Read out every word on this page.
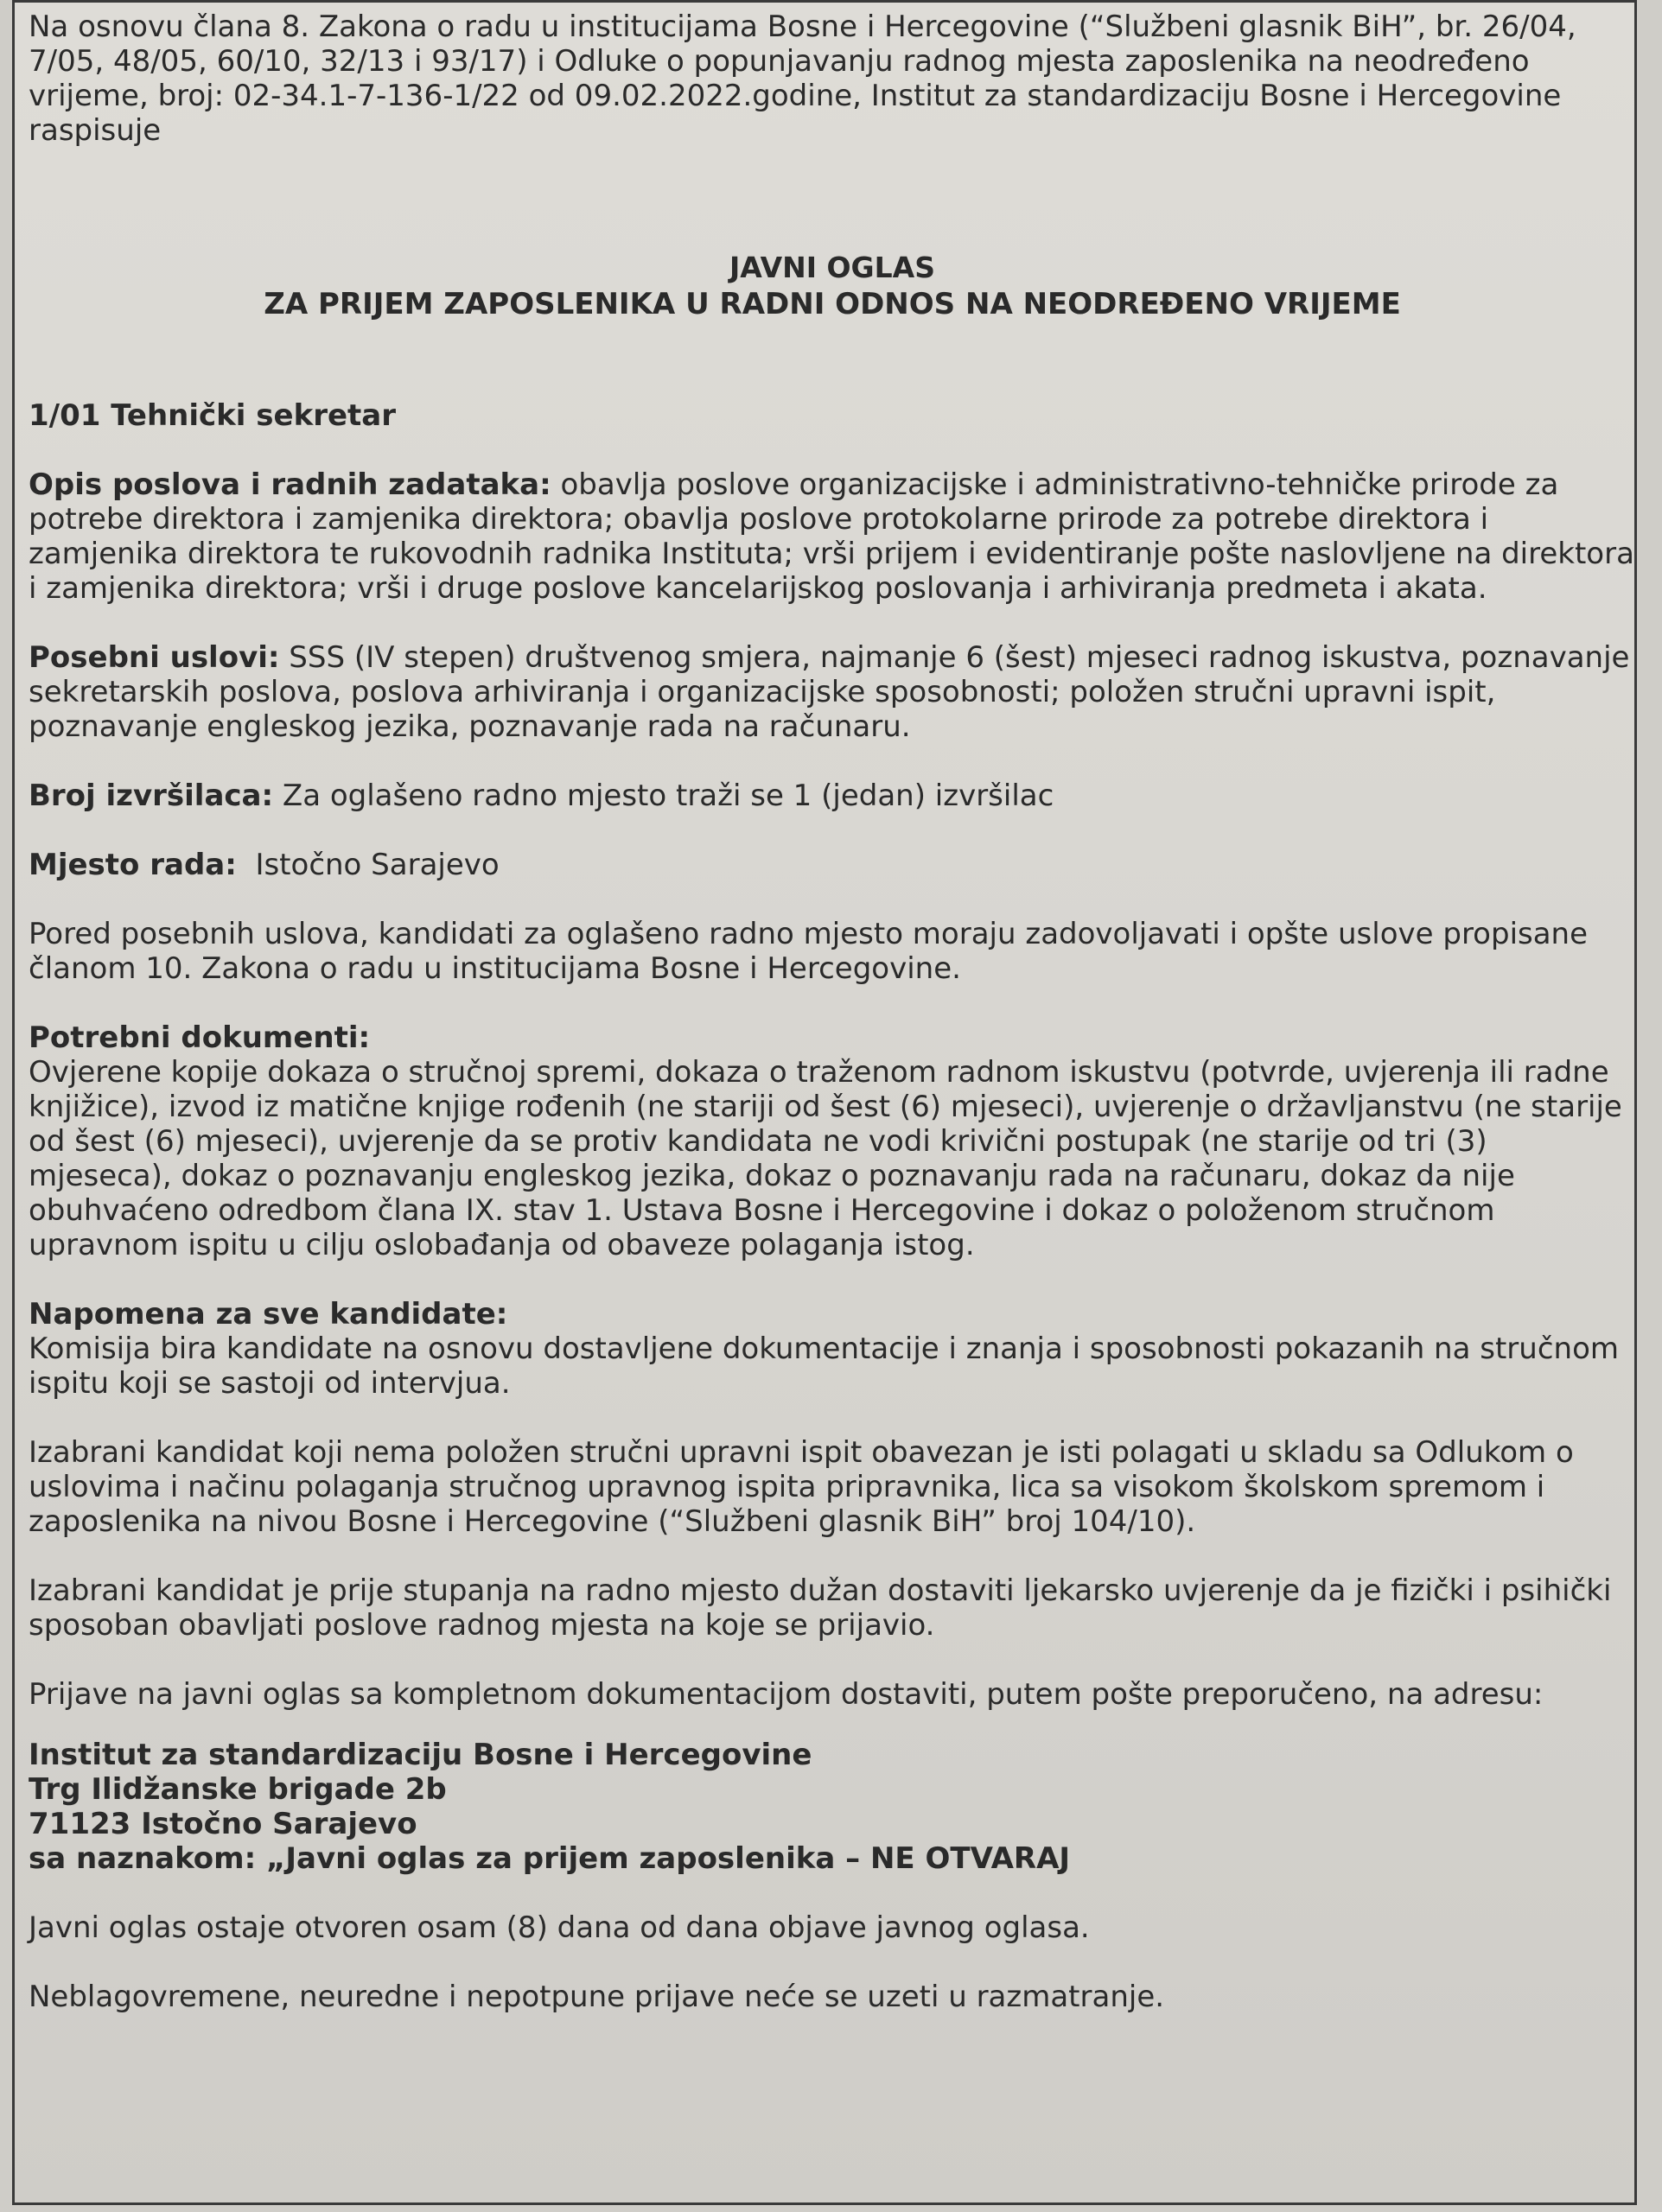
Na osnovu člana 8. Zakona o radu u institucijama Bosne i Hercegovine (“Službeni glasnik BiH”, br. 26/04, 7/05, 48/05, 60/10, 32/13 i 93/17) i Odluke o popunjavanju radnog mjesta zaposlenika na neodređeno vrijeme, broj: 02-34.1-7-136-1/22 od 09.02.2022.godine, Institut za standardizaciju Bosne i Hercegovine raspisuje

JAVNI OGLAS
ZA PRIJEM ZAPOSLENIKA U RADNI ODNOS NA NEODREĐENO VRIJEME

1/01 Tehnički sekretar

Opis poslova i radnih zadataka: obavlja poslove organizacijske i administrativno-tehničke prirode za potrebe direktora i zamjenika direktora; obavlja poslove protokolarne prirode za potrebe direktora i zamjenika direktora te rukovodnih radnika Instituta; vrši prijem i evidentiranje pošte naslovljene na direktora i zamjenika direktora; vrši i druge poslove kancelarijskog poslovanja i arhiviranja predmeta i akata.

Posebni uslovi: SSS (IV stepen) društvenog smjera, najmanje 6 (šest) mjeseci radnog iskustva, poznavanje sekretarskih poslova, poslova arhiviranja i organizacijske sposobnosti; položen stručni upravni ispit, poznavanje engleskog jezika, poznavanje rada na računaru.

Broj izvršilaca: Za oglašeno radno mjesto traži se 1 (jedan) izvršilac

Mjesto rada:  Istočno Sarajevo

Pored posebnih uslova, kandidati za oglašeno radno mjesto moraju zadovoljavati i opšte uslove propisane članom 10. Zakona o radu u institucijama Bosne i Hercegovine.

Potrebni dokumenti:

Ovjerene kopije dokaza o stručnoj spremi, dokaza o traženom radnom iskustvu (potvrde, uvjerenja ili radne knjižice), izvod iz matične knjige rođenih (ne stariji od šest (6) mjeseci), uvjerenje o državljanstvu (ne starije od šest (6) mjeseci), uvjerenje da se protiv kandidata ne vodi krivični postupak (ne starije od tri (3) mjeseca), dokaz o poznavanju engleskog jezika, dokaz o poznavanju rada na računaru, dokaz da nije obuhvaćeno odredbom člana IX. stav 1. Ustava Bosne i Hercegovine i dokaz o položenom stručnom upravnom ispitu u cilju oslobađanja od obaveze polaganja istog.

Napomena za sve kandidate:

Komisija bira kandidate na osnovu dostavljene dokumentacije i znanja i sposobnosti pokazanih na stručnom ispitu koji se sastoji od intervjua.

Izabrani kandidat koji nema položen stručni upravni ispit obavezan je isti polagati u skladu sa Odlukom o uslovima i načinu polaganja stručnog upravnog ispita pripravnika, lica sa visokom školskom spremom i zaposlenika na nivou Bosne i Hercegovine (“Službeni glasnik BiH” broj 104/10).

Izabrani kandidat je prije stupanja na radno mjesto dužan dostaviti ljekarsko uvjerenje da je fizički i psihički sposoban obavljati poslove radnog mjesta na koje se prijavio.

Prijave na javni oglas sa kompletnom dokumentacijom dostaviti, putem pošte preporučeno, na adresu:

Institut za standardizaciju Bosne i Hercegovine
Trg Ilidžanske brigade 2b
71123 Istočno Sarajevo
sa naznakom: „Javni oglas za prijem zaposlenika – NE OTVARAJ

Javni oglas ostaje otvoren osam (8) dana od dana objave javnog oglasa.

Neblagovremene, neuredne i nepotpune prijave neće se uzeti u razmatranje.
